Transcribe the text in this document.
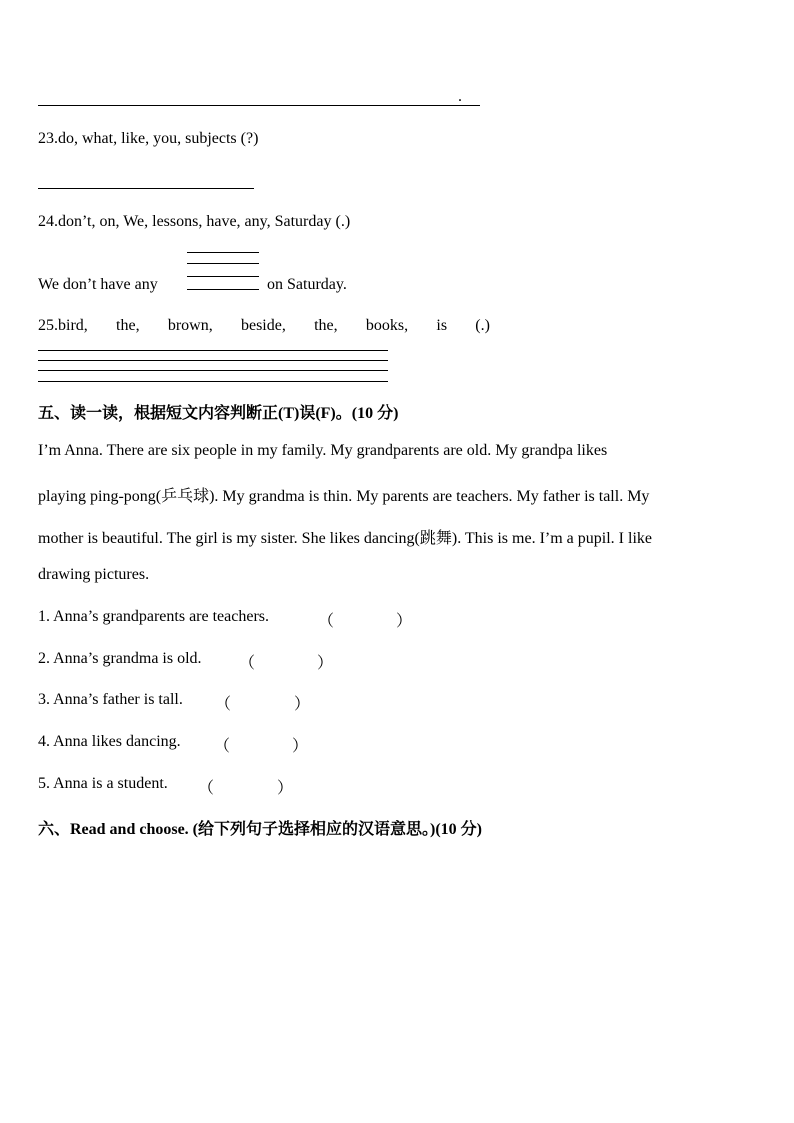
.
23.do, what, like, you, subjects (?)
24.don’t, on, We, lessons, have, any, Saturday (.)
We don’t have any	on Saturday.
25.bird, the, brown, beside, the, books, is (.)
五、读一读，根据短文内容判断正(T)误(F)。(10 分)
I’m Anna. There are six people in my family. My grandparents are old. My grandpa likes
playing ping-pong(乒乓球). My grandma is thin. My parents are teachers. My father is tall. My
mother is beautiful. The girl is my sister. She likes dancing(跳舞). This is me. I’m a pupil. I like
drawing pictures.
1. Anna’s grandparents are teachers.	（	）
2. Anna’s grandma is old. （	）
3. Anna’s father is tall. （	）
4. Anna likes dancing. （	）
5. Anna is a student. （	）
六、Read and choose. (给下列句子选择相应的汉语意思。)(10 分)
